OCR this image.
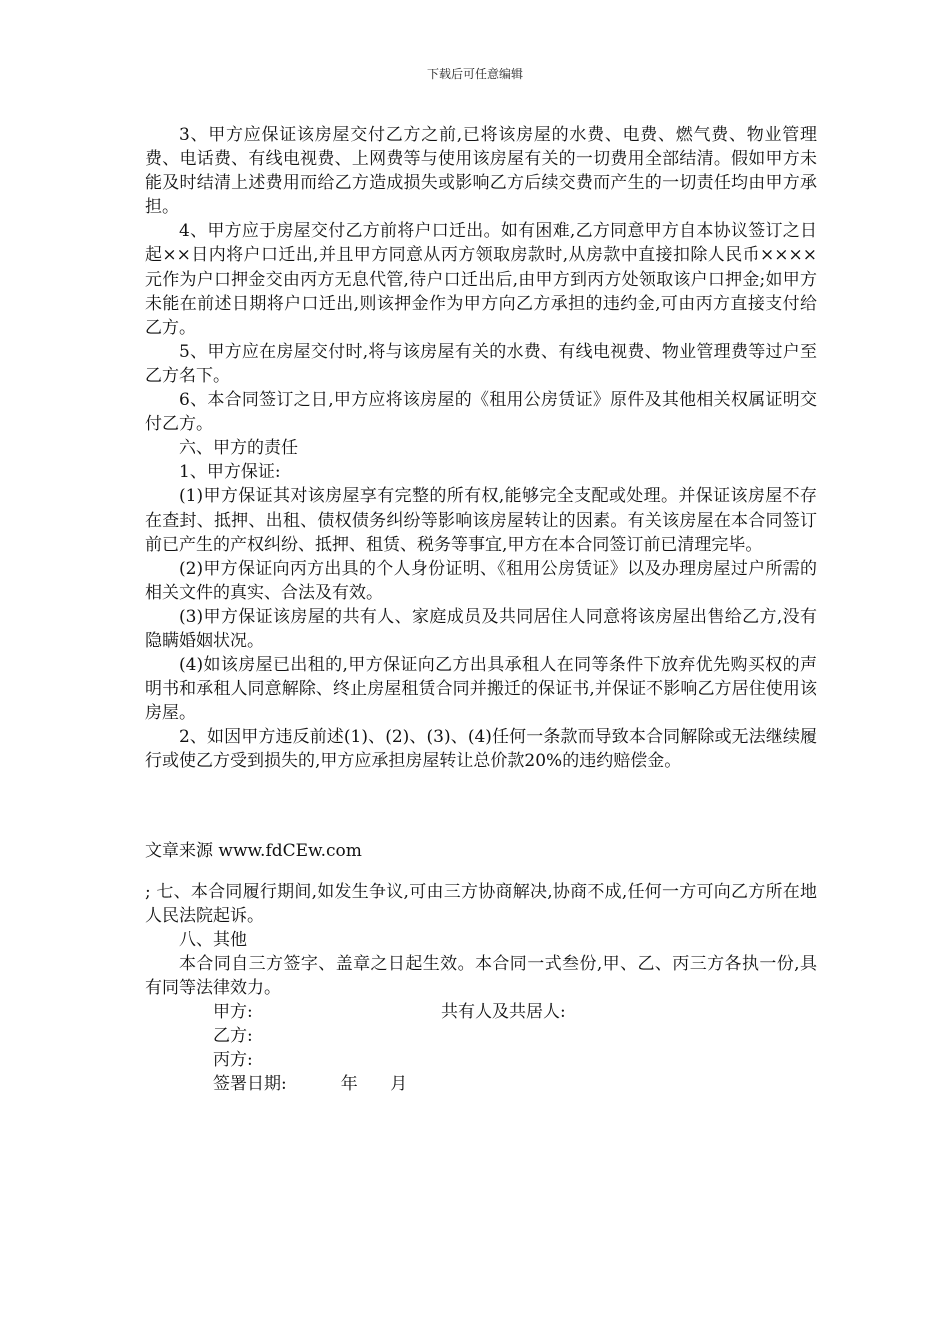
下载后可任意编辑

3、甲方应保证该房屋交付乙方之前,已将该房屋的水费、电费、燃气费、物业管理费、电话费、有线电视费、上网费等与使用该房屋有关的一切费用全部结清。假如甲方未能及时结清上述费用而给乙方造成损失或影响乙方后续交费而产生的一切责任均由甲方承担。

4、甲方应于房屋交付乙方前将户口迁出。如有困难,乙方同意甲方自本协议签订之日起××日内将户口迁出,并且甲方同意从丙方领取房款时,从房款中直接扣除人民币××××元作为户口押金交由丙方无息代管,待户口迁出后,由甲方到丙方处领取该户口押金;如甲方未能在前述日期将户口迁出,则该押金作为甲方向乙方承担的违约金,可由丙方直接支付给乙方。

5、甲方应在房屋交付时,将与该房屋有关的水费、有线电视费、物业管理费等过户至乙方名下。

6、本合同签订之日,甲方应将该房屋的《租用公房赁证》原件及其他相关权属证明交付乙方。

六、甲方的责任

1、甲方保证:

(1)甲方保证其对该房屋享有完整的所有权,能够完全支配或处理。并保证该房屋不存在查封、抵押、出租、债权债务纠纷等影响该房屋转让的因素。有关该房屋在本合同签订前已产生的产权纠纷、抵押、租赁、税务等事宜,甲方在本合同签订前已清理完毕。

(2)甲方保证向丙方出具的个人身份证明、《租用公房赁证》以及办理房屋过户所需的相关文件的真实、合法及有效。

(3)甲方保证该房屋的共有人、家庭成员及共同居住人同意将该房屋出售给乙方,没有隐瞒婚姻状况。

(4)如该房屋已出租的,甲方保证向乙方出具承租人在同等条件下放弃优先购买权的声明书和承租人同意解除、终止房屋租赁合同并搬迁的保证书,并保证不影响乙方居住使用该房屋。

2、如因甲方违反前述(1)、(2)、(3)、(4)任何一条款而导致本合同解除或无法继续履行或使乙方受到损失的,甲方应承担房屋转让总价款20%的违约赔偿金。

文章来源 www.fdCEw.com

; 七、本合同履行期间,如发生争议,可由三方协商解决,协商不成,任何一方可向乙方所在地人民法院起诉。

八、其他

本合同自三方签字、盖章之日起生效。本合同一式叁份,甲、乙、丙三方各执一份,具有同等法律效力。

甲方:	共有人及共居人:
乙方:
丙方:
签署日期:	年 月
